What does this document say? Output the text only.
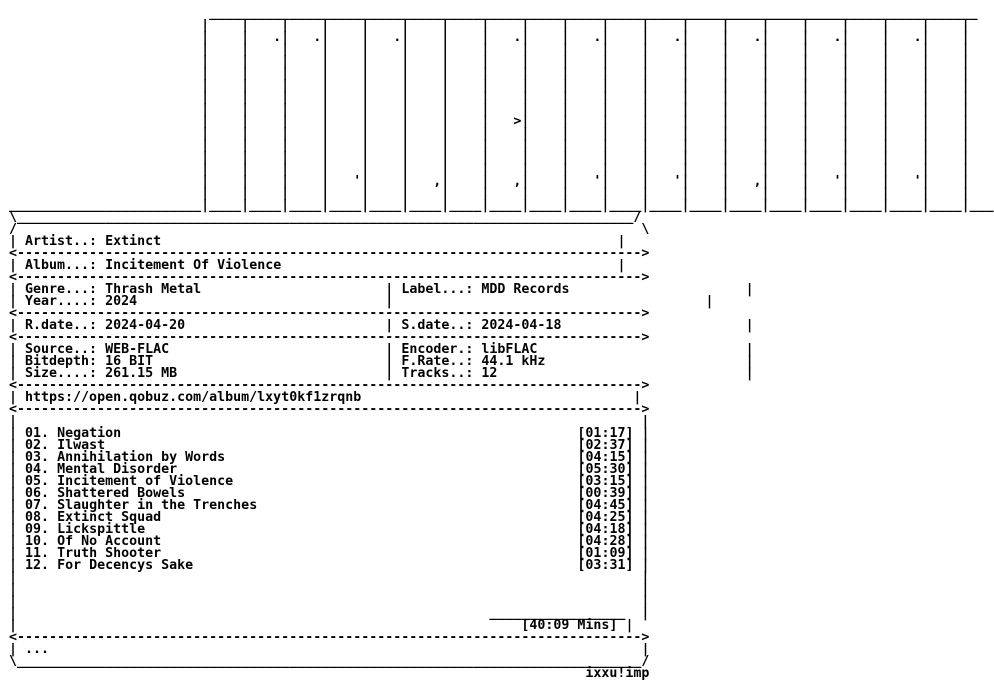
________________________________________________________________________________________________
|    |    |    |    |    |    |    |    |    |    |    |    |    |    |    |    |    |    |    |
|    |   .|   .|    |   .|    |    |   .|    |   .|    |   .|    |   .|    |   .|    |   .|    |
|    |    |    |    |    |    |    |    |    |    |    |    |    |    |    |    |    |    |    |
|    |    |    |    |    |    |    |    |    |    |    |    |    |    |    |    |    |    |    |
|    |    |    |    |    |    |    |    |    |    |    |    |    |    |    |    |    |    |    |
|    |    |    |    |    |    |    |    |    |    |    |    |    |    |    |    |    |    |    |
|    |    |    |    |    |    |    |    |    |    |    |    |    |    |    |    |    |    |    |
|    |    |    |    |    |    |    |    |    |    |    |    |    |    |    |    |    |    |    |
|    |    |    |    |    |    |    |   >|    |    |    |    |    |    |    |    |    |    |    |
|    |    |    |    |    |    |    |    |    |    |    |    |    |    |    |    |    |    |    |
|    |    |    |    |    |    |    |    |    |    |    |    |    |    |    |    |    |    |    |
|    |    |    |    |    |    |    |    |    |    |    |    |    |    |    |    |    |    |    |
|    |    |    |    |    |    |    |    |    |    |    |    |    |    |    |    |    |    |    |
|    |    |    |   '|    |   ,|    |   ,|    |   '|    |   '|    |   ,|    |   '|    |   '|    |
|    |    |    |    |    |    |    |    |    |    |    |    |    |    |    |    |    |    |    |
________________________|____|____|____|____|____|____|____|____|____|____|____|____|____|____|____|____|____|____|____|___
\_____________________________________________________________________________/
/                                                                              \
| Artist..: Extinct                                                         |
<------------------------------------------------------------------------------>
| Album...: Incitement Of Violence                                          |
<------------------------------------------------------------------------------>
| Genre...: Thrash Metal                       | Label...: MDD Records                      |
| Year....: 2024                               |                                       |
<------------------------------------------------------------------------------>
| R.date..: 2024-04-20                         | S.date..: 2024-04-18                       |
<------------------------------------------------------------------------------>
| Source..: WEB-FLAC                           | Encoder.: libFLAC                          |
| Bitdepth: 16 BIT                             | F.Rate..: 44.1 kHz                         |
| Size....: 261.15 MB                          | Tracks..: 12                               |
<------------------------------------------------------------------------------>
| https://open.qobuz.com/album/lxyt0kf1zrqnb                                  |
<------------------------------------------------------------------------------>
|                                                                              |
| 01. Negation	[01:17] |
| 02. Ilwast	[02:37] |
| 03. Annihilation by Words	[04:15] |
| 04. Mental Disorder	[05:30] |
| 05. Incitement of Violence	[03:15] |
| 06. Shattered Bowels	[00:39] |
| 07. Slaughter in the Trenches	[04:45] |
| 08. Extinct Squad	[04:25] |
| 09. Lickspittle	[04:18] |
| 10. Of No Account	[04:28] |
| 11. Truth Shooter	[01:09] |
| 12. For Decencys Sake	[03:31] |
|                                                                              |
|                                                                              |
|                                                                              |
|                                                           _________________  |
|                                                               [40:09 Mins] |
<------------------------------------------------------------------------------>
| ...                                                                          |
\______________________________________________________________________________/
ixxu!imp
